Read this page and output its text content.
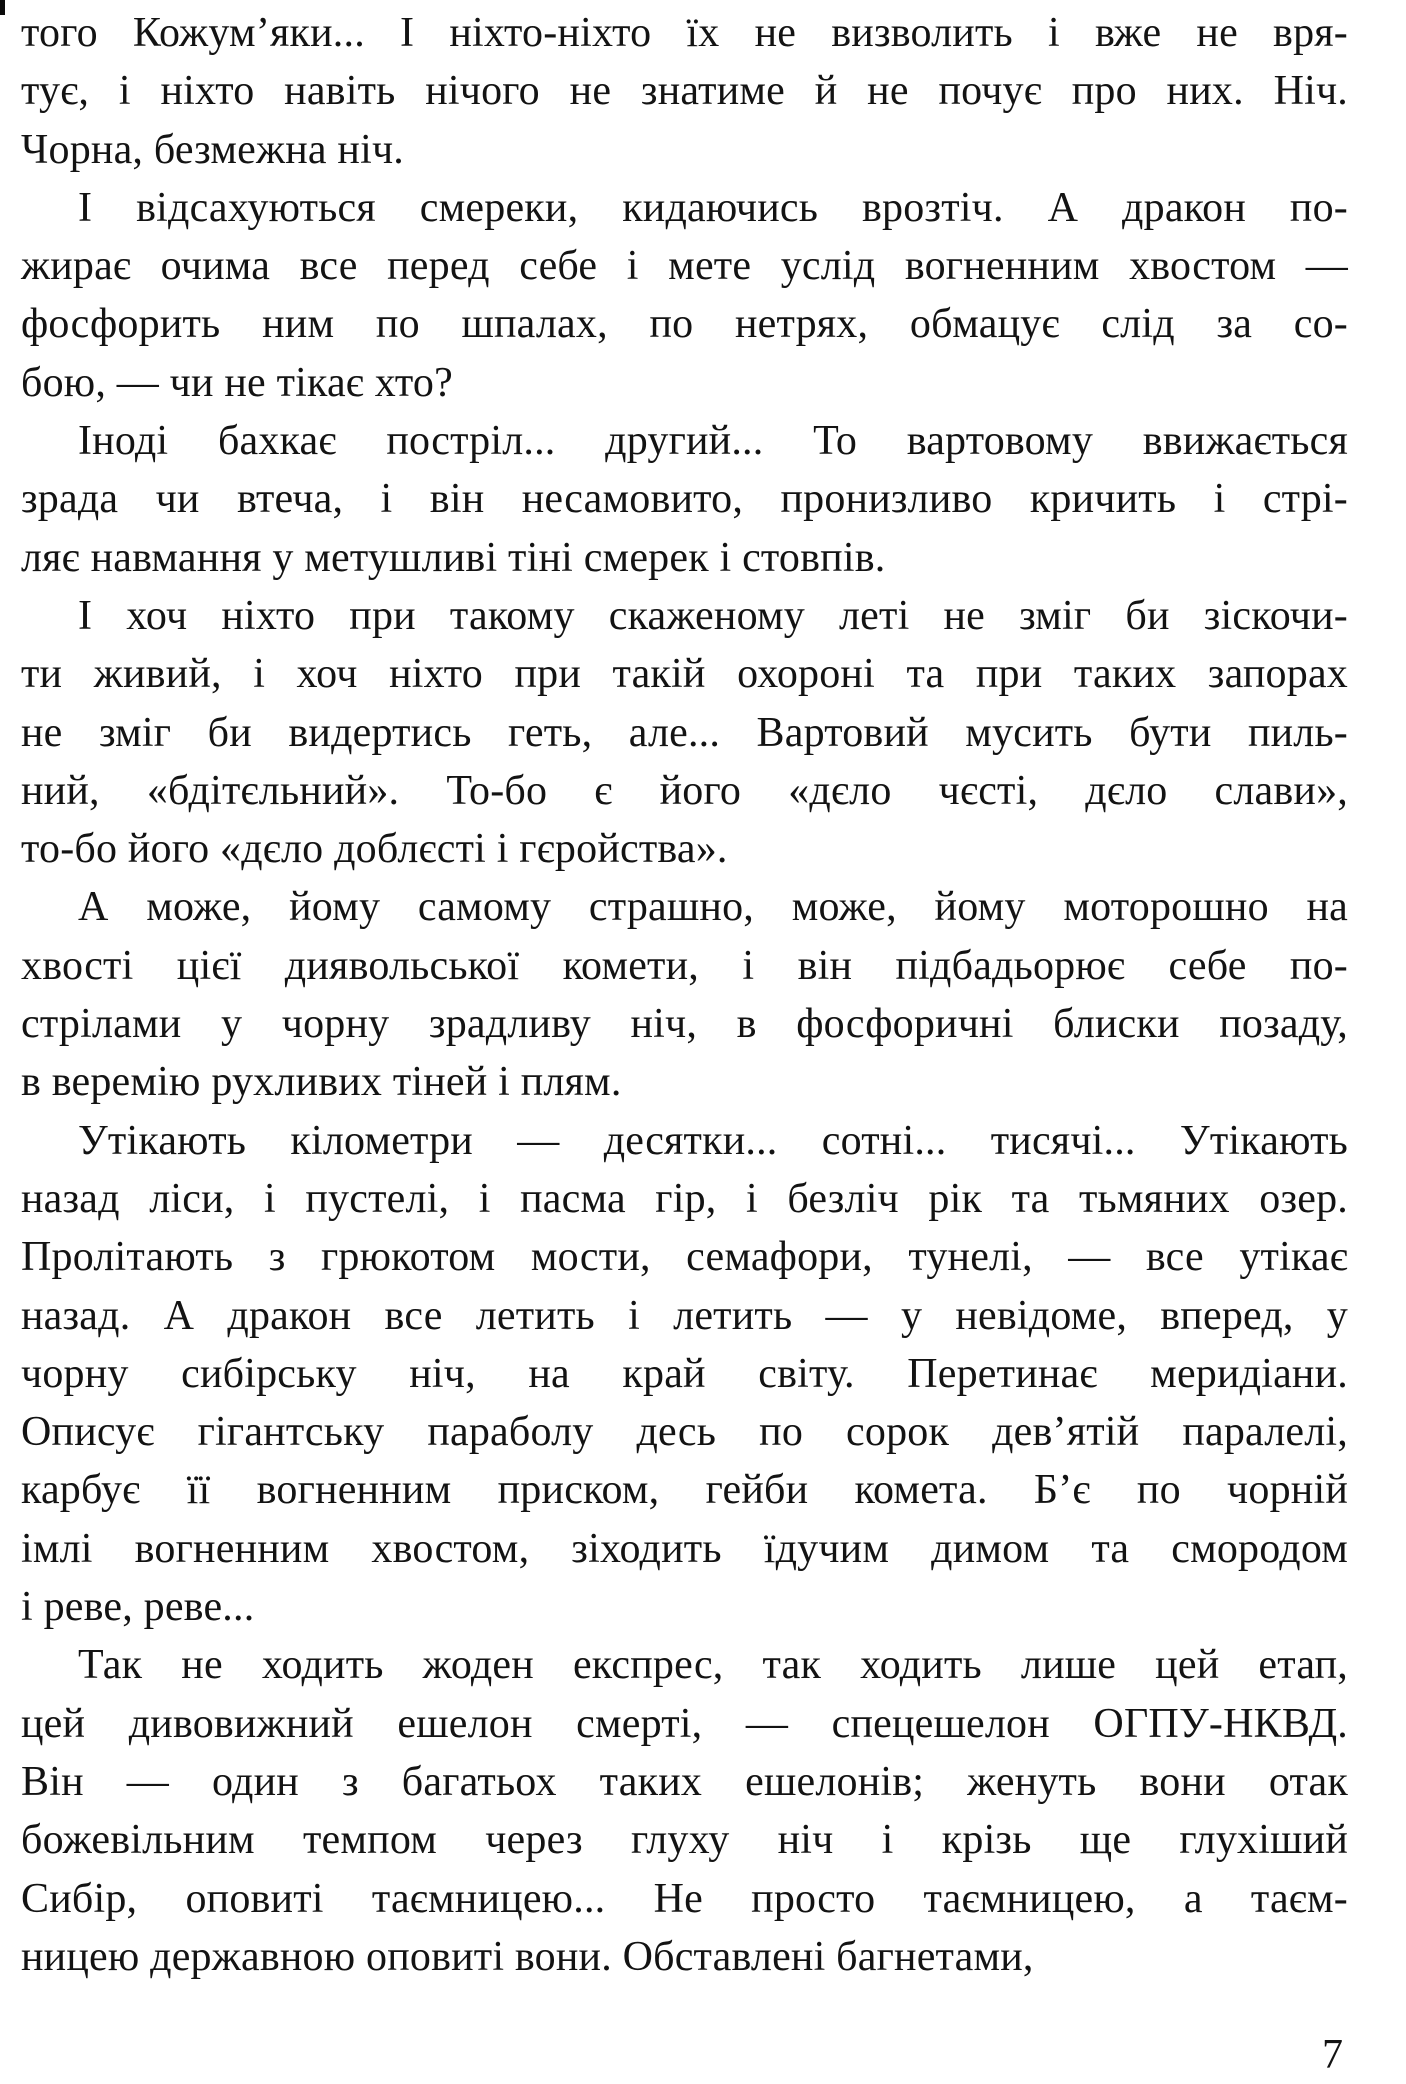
того Кожум’яки... І ніхто-ніхто їх не визволить і вже не вря-
тує, і ніхто навіть нічого не знатиме й не почує про них. Ніч.
Чорна, безмежна ніч.
І відсахуються смереки, кидаючись врозтіч. А дракон по-
жирає очима все перед себе і мете услід вогненним хвостом —
фосфорить ним по шпалах, по нетрях, обмацує слід за со-
бою, — чи не тікає хто?
Іноді бахкає постріл... другий... То вартовому ввижається
зрада чи втеча, і він несамовито, пронизливо кричить і стрі-
ляє навмання у метушливі тіні смерек і стовпів.
І хоч ніхто при такому скаженому леті не зміг би зіскочи-
ти живий, і хоч ніхто при такій охороні та при таких запорах
не зміг би видертись геть, але... Вартовий мусить бути пиль-
ний, «бдітєльний». То-бо є його «дєло чєсті, дєло слави»,
то-бо його «дєло доблєсті і гєройства».
А може, йому самому страшно, може, йому моторошно на
хвості цієї диявольської комети, і він підбадьорює себе по-
стрілами у чорну зрадливу ніч, в фосфоричні блиски позаду,
в веремію рухливих тіней і плям.
Утікають кілометри — десятки... сотні... тисячі... Утікають
назад ліси, і пустелі, і пасма гір, і безліч рік та тьмяних озер.
Пролітають з грюкотом мости, семафори, тунелі, — все утікає
назад. А дракон все летить і летить — у невідоме, вперед, у
чорну сибірську ніч, на край світу. Перетинає меридіани.
Описує гігантську параболу десь по сорок дев’ятій паралелі,
карбує її вогненним приском, гейби комета. Б’є по чорній
імлі вогненним хвостом, зіходить їдучим димом та смородом
і реве, реве...
Так не ходить жоден експрес, так ходить лише цей етап,
цей дивовижний ешелон смерті, — спецешелон ОГПУ-НКВД.
Він — один з багатьох таких ешелонів; женуть вони отак
божевільним темпом через глуху ніч і крізь ще глухіший
Сибір, оповиті таємницею... Не просто таємницею, а таєм-
ницею державною оповиті вони. Обставлені багнетами,
7
